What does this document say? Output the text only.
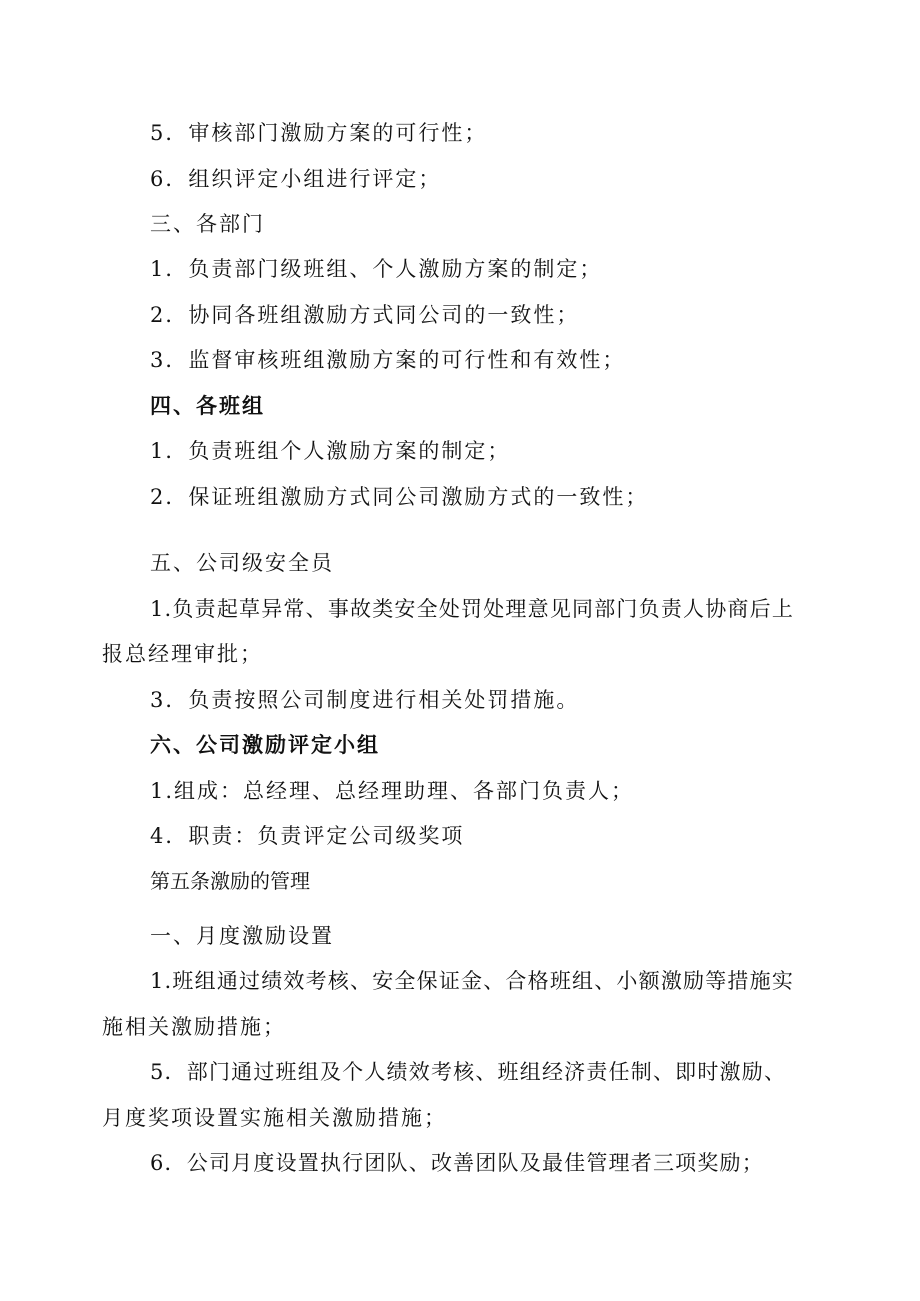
5．审核部门激励方案的可行性；
6．组织评定小组进行评定；
三、各部门
1．负责部门级班组、个人激励方案的制定；
2．协同各班组激励方式同公司的一致性；
3．监督审核班组激励方案的可行性和有效性；
四、各班组
1．负责班组个人激励方案的制定；
2．保证班组激励方式同公司激励方式的一致性；
五、公司级安全员
1.负责起草异常、事故类安全处罚处理意见同部门负责人协商后上
报总经理审批；
3．负责按照公司制度进行相关处罚措施。
六、公司激励评定小组
1.组成：总经理、总经理助理、各部门负责人；
4．职责：负责评定公司级奖项
第五条激励的管理
一、月度激励设置
1.班组通过绩效考核、安全保证金、合格班组、小额激励等措施实
施相关激励措施；
5．部门通过班组及个人绩效考核、班组经济责任制、即时激励、
月度奖项设置实施相关激励措施；
6．公司月度设置执行团队、改善团队及最佳管理者三项奖励；
